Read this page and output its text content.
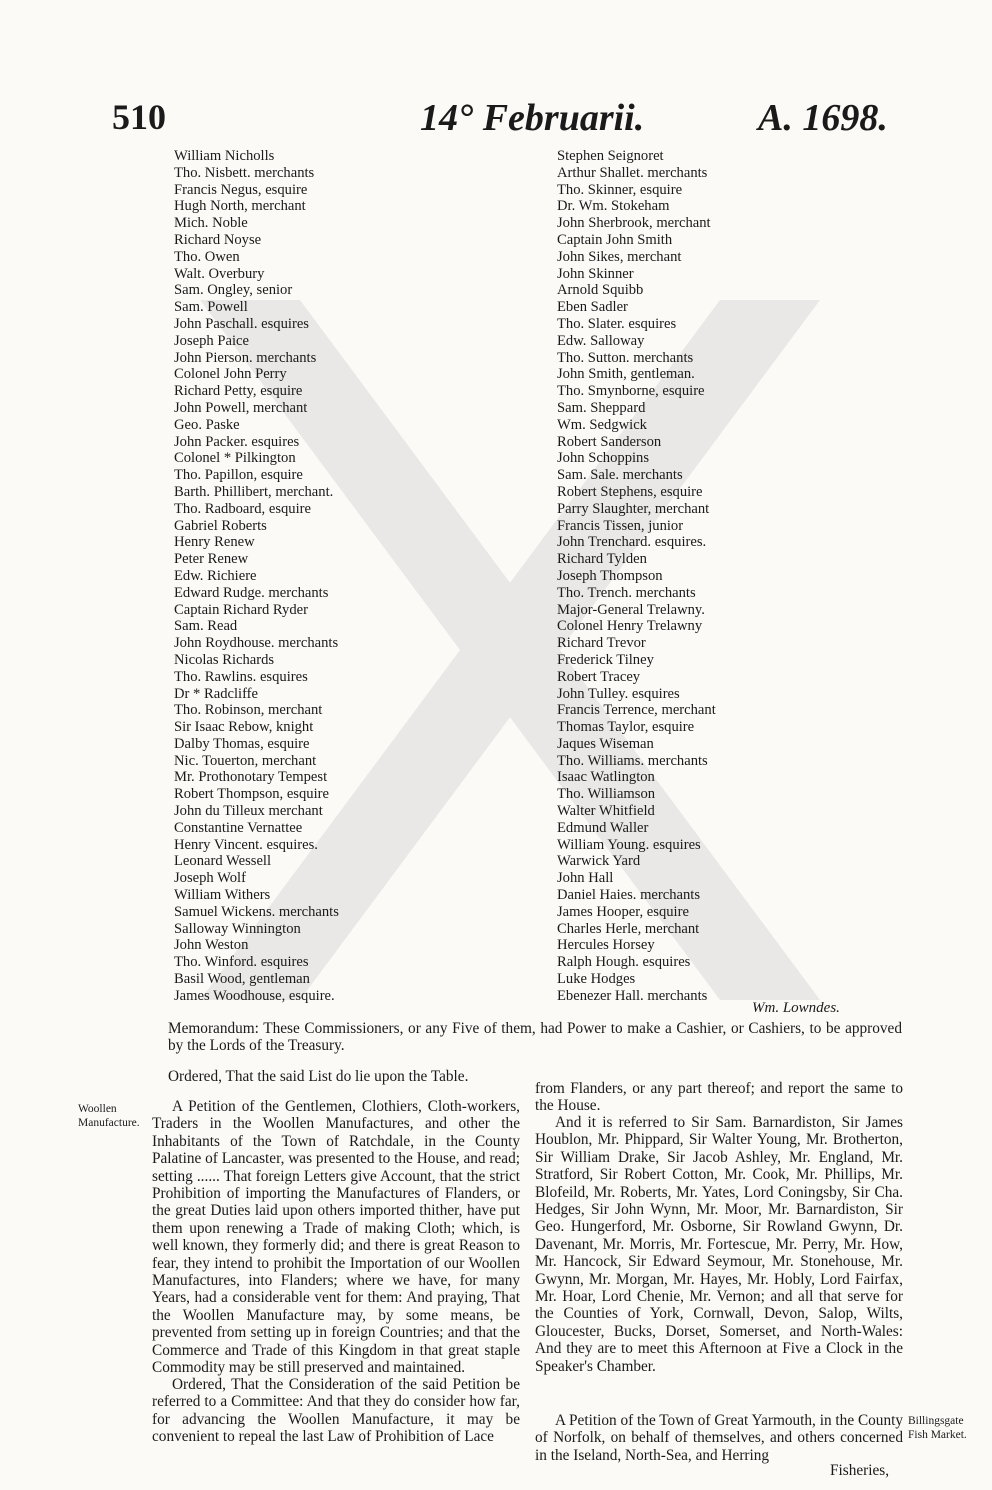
510	14° Februarii.	A. 1698.
William Nicholls
Tho. Nisbett. merchants
Francis Negus, esquire
Hugh North, merchant
Mich. Noble
Richard Noyse
Tho. Owen
Walt. Overbury
Sam. Ongley, senior
Sam. Powell
John Paschall. esquires
Joseph Paice
John Pierson. merchants
Colonel John Perry
Richard Petty, esquire
John Powell, merchant
Geo. Paske
John Packer. esquires
Colonel * Pilkington
Tho. Papillon, esquire
Barth. Phillibert, merchant.
Tho. Radboard, esquire
Gabriel Roberts
Henry Renew
Peter Renew
Edw. Richiere
Edward Rudge. merchants
Captain Richard Ryder
Sam. Read
John Roydhouse. merchants
Nicolas Richards
Tho. Rawlins. esquires
Dr * Radcliffe
Tho. Robinson, merchant
Sir Isaac Rebow, knight
Dalby Thomas, esquire
Nic. Touerton, merchant
Mr. Prothonotary Tempest
Robert Thompson, esquire
John du Tilleux merchant
Constantine Vernattee
Henry Vincent. esquires.
Leonard Wessell
Joseph Wolf
William Withers
Samuel Wickens. merchants
Salloway Winnington
John Weston
Tho. Winford. esquires
Basil Wood, gentleman
James Woodhouse, esquire.
Stephen Seignoret
Arthur Shallet. merchants
Tho. Skinner, esquire
Dr. Wm. Stokeham
John Sherbrook, merchant
Captain John Smith
John Sikes, merchant
John Skinner
Arnold Squibb
Eben Sadler
Tho. Slater. esquires
Edw. Salloway
Tho. Sutton. merchants
John Smith, gentleman.
Tho. Smynborne, esquire
Sam. Sheppard
Wm. Sedgwick
Robert Sanderson
John Schoppins
Sam. Sale. merchants
Robert Stephens, esquire
Parry Slaughter, merchant
Francis Tissen, junior
John Trenchard. esquires.
Richard Tylden
Joseph Thompson
Tho. Trench. merchants
Major-General Trelawny.
Colonel Henry Trelawny
Richard Trevor
Frederick Tilney
Robert Tracey
John Tulley. esquires
Francis Terrence, merchant
Thomas Taylor, esquire
Jaques Wiseman
Tho. Williams. merchants
Isaac Watlington
Tho. Williamson
Walter Whitfield
Edmund Waller
William Young. esquires
Warwick Yard
John Hall
Daniel Haies. merchants
James Hooper, esquire
Charles Herle, merchant
Hercules Horsey
Ralph Hough. esquires
Luke Hodges
Ebenezer Hall. merchants
Wm. Lowndes.

Memorandum: These Commissioners, or any Five of them, had Power to make a Cashier, or Cashiers, to be approved by the Lords of the Treasury.

Ordered, That the said List do lie upon the Table.

Woollen Manufacture.

A Petition of the Gentlemen, Clothiers, Cloth-workers, Traders in the Woollen Manufactures, and other the Inhabitants of the Town of Ratchdale, in the County Palatine of Lancaster, was presented to the House, and read; setting ...... That foreign Letters give Account, that the strict Prohibition of importing the Manufactures of Flanders, or the great Duties laid upon others imported thither, have put them upon renewing a Trade of making Cloth; which, is well known, they formerly did; and there is great Reason to fear, they intend to prohibit the Importation of our Woollen Manufactures, into Flanders; where we have, for many Years, had a considerable vent for them: And praying, That the Woollen Manufacture may, by some means, be prevented from setting up in foreign Countries; and that the Commerce and Trade of this Kingdom in that great staple Commodity may be still preserved and maintained.

Ordered, That the Consideration of the said Petition be referred to a Committee: And that they do consider how far, for advancing the Woollen Manufacture, it may be convenient to repeal the last Law of Prohibition of Lace

from Flanders, or any part thereof; and report the same to the House.

And it is referred to Sir Sam. Barnardiston, Sir James Houblon, Mr. Phippard, Sir Walter Young, Mr. Brotherton, Sir William Drake, Sir Jacob Ashley, Mr. England, Mr. Stratford, Sir Robert Cotton, Mr. Cook, Mr. Phillips, Mr. Blofeild, Mr. Roberts, Mr. Yates, Lord Coningsby, Sir Cha. Hedges, Sir John Wynn, Mr. Moor, Mr. Barnardiston, Sir Geo. Hungerford, Mr. Osborne, Sir Rowland Gwynn, Dr. Davenant, Mr. Morris, Mr. Fortescue, Mr. Perry, Mr. How, Mr. Hancock, Sir Edward Seymour, Mr. Stonehouse, Mr. Gwynn, Mr. Morgan, Mr. Hayes, Mr. Hobly, Lord Fairfax, Mr. Hoar, Lord Chenie, Mr. Vernon; and all that serve for the Counties of York, Cornwall, Devon, Salop, Wilts, Gloucester, Bucks, Dorset, Somerset, and North-Wales: And they are to meet this Afternoon at Five a Clock in the Speaker's Chamber.

A Petition of the Town of Great Yarmouth, in the County of Norfolk, on behalf of themselves, and others concerned in the Iseland, North-Sea, and Herring

Billingsgate Fish Market.
Fisheries,
